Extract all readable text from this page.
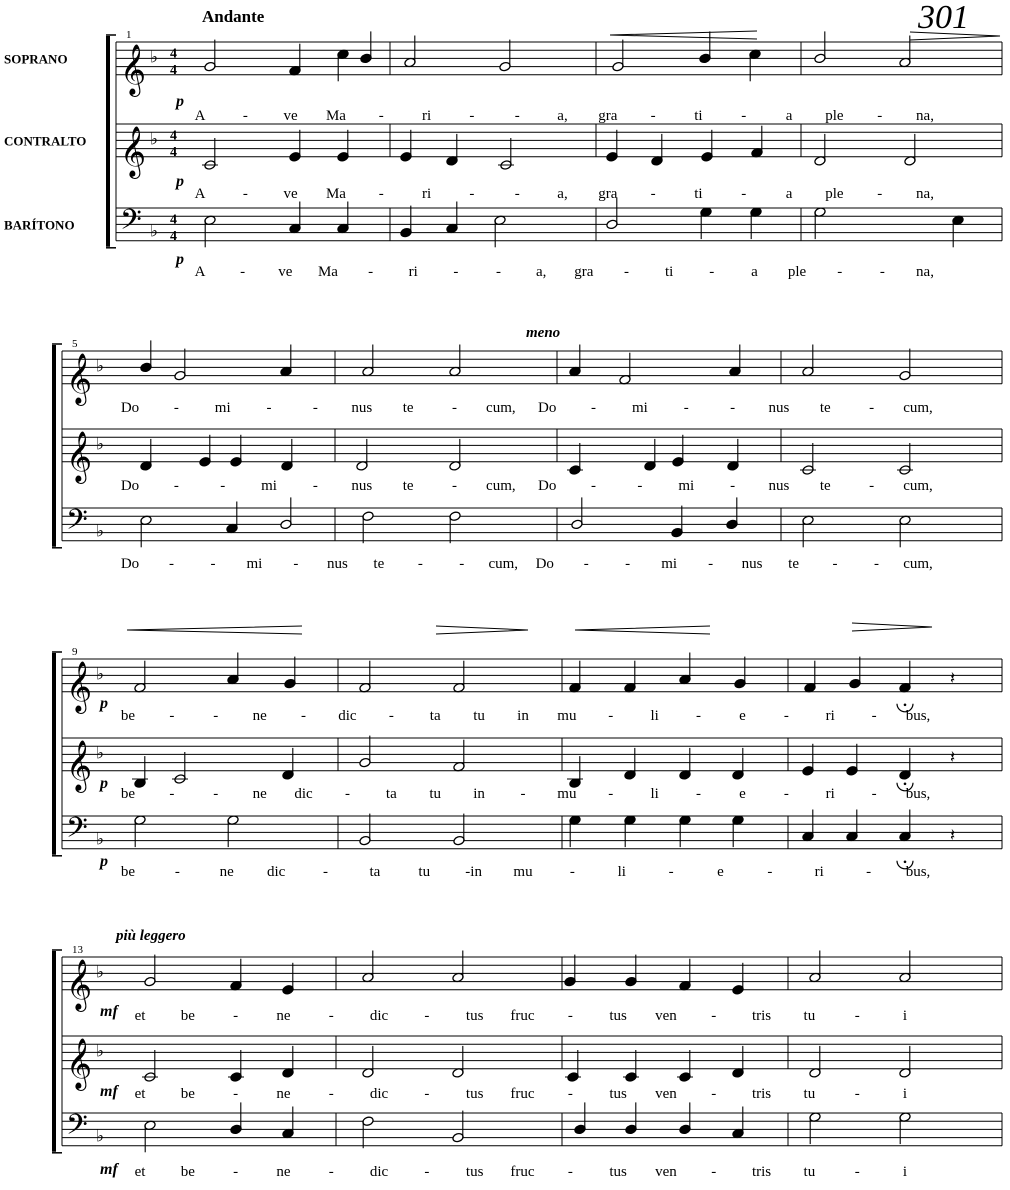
Andante	301
1
𝄞 ♭ 4
4
SOPRANO
p
A - ve Ma -	ri	-	-	a, gra -	ti	-	a ple - na,
𝄞 ♭ 4
4
CONTRALTO
p
A - ve Ma -	ri	-	-	a, gra -	ti	-	a ple - na,
𝄢 ♭
4
4
BARÍTONO
p
A - ve Ma - ri -	- a, gra - ti - a ple -	- na,
5
meno
𝄞 ♭
Do - mi -	- nus te	- cum, Do - mi -	- nus te	- cum,
𝄞 ♭
Do -	- mi - nus te	- cum, Do -	- mi - nus te	- cum,
𝄢 ♭
Do - - mi - nus te - - cum, Do - - mi - nus te - - cum,
9
𝄞 ♭
p
be -	- ne - dic - ta tu in mu - li -	e	- ri - bus,
𝄞 ♭
p
be -	- ne dic - ta tu in - mu - li -	e	- ri - bus,
𝄢 ♭
p
be	-	ne dic	-	ta	tu -in mu -	li	-	e	-	ri	- bus,
𝄽
𝄽
𝄽
13
più leggero
𝄞 ♭
mf et be	-	ne	- dic - tus fruc - tus ven - tris tu	-	i
𝄞 ♭
mf et be	-	ne	- dic - tus fruc - tus ven - tris tu	-	i
𝄢 ♭
mf et be	-	ne	- dic - tus fruc - tus ven - tris tu	-	i
